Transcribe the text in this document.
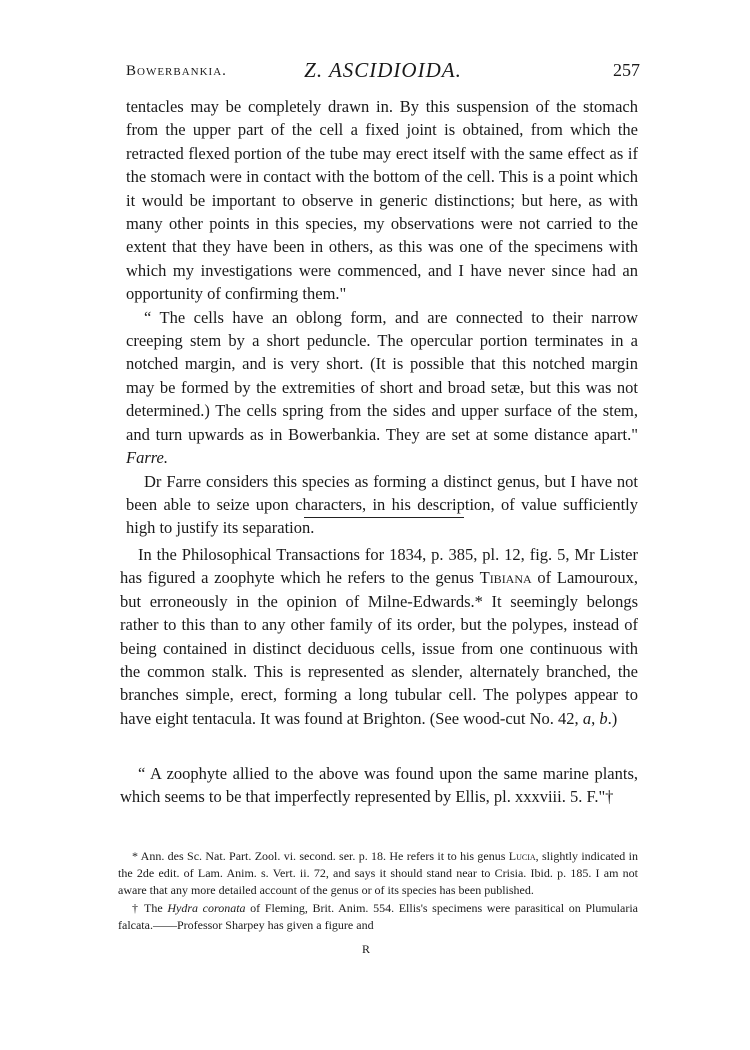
Bowerbankia.	Z. ASCIDIOIDA.	257

tentacles may be completely drawn in. By this suspension of the stomach from the upper part of the cell a fixed joint is obtained, from which the retracted flexed portion of the tube may erect itself with the same effect as if the stomach were in contact with the bottom of the cell. This is a point which it would be important to observe in generic distinctions; but here, as with many other points in this species, my observations were not carried to the extent that they have been in others, as this was one of the specimens with which my investigations were commenced, and I have never since had an opportunity of confirming them."

“ The cells have an oblong form, and are connected to their narrow creeping stem by a short peduncle. The opercular portion terminates in a notched margin, and is very short. (It is possible that this notched margin may be formed by the extremities of short and broad setæ, but this was not determined.) The cells spring from the sides and upper surface of the stem, and turn upwards as in Bowerbankia. They are set at some distance apart." Farre.

Dr Farre considers this species as forming a distinct genus, but I have not been able to seize upon characters, in his description, of value sufficiently high to justify its separation.

In the Philosophical Transactions for 1834, p. 385, pl. 12, fig. 5, Mr Lister has figured a zoophyte which he refers to the genus Tibiana of Lamouroux, but erroneously in the opinion of Milne-Edwards.* It seemingly belongs rather to this than to any other family of its order, but the polypes, instead of being contained in distinct deciduous cells, issue from one continuous with the common stalk. This is represented as slender, alternately branched, the branches simple, erect, forming a long tubular cell. The polypes appear to have eight tentacula. It was found at Brighton. (See wood-cut No. 42, a, b.)

“ A zoophyte allied to the above was found upon the same marine plants, which seems to be that imperfectly represented by Ellis, pl. xxxviii. 5. F."†

* Ann. des Sc. Nat. Part. Zool. vi. second. ser. p. 18. He refers it to his genus Lucia, slightly indicated in the 2de edit. of Lam. Anim. s. Vert. ii. 72, and says it should stand near to Crisia. Ibid. p. 185. I am not aware that any more detailed account of the genus or of its species has been published.

† The Hydra coronata of Fleming, Brit. Anim. 554. Ellis's specimens were parasitical on Plumularia falcata.——Professor Sharpey has given a figure and

R
